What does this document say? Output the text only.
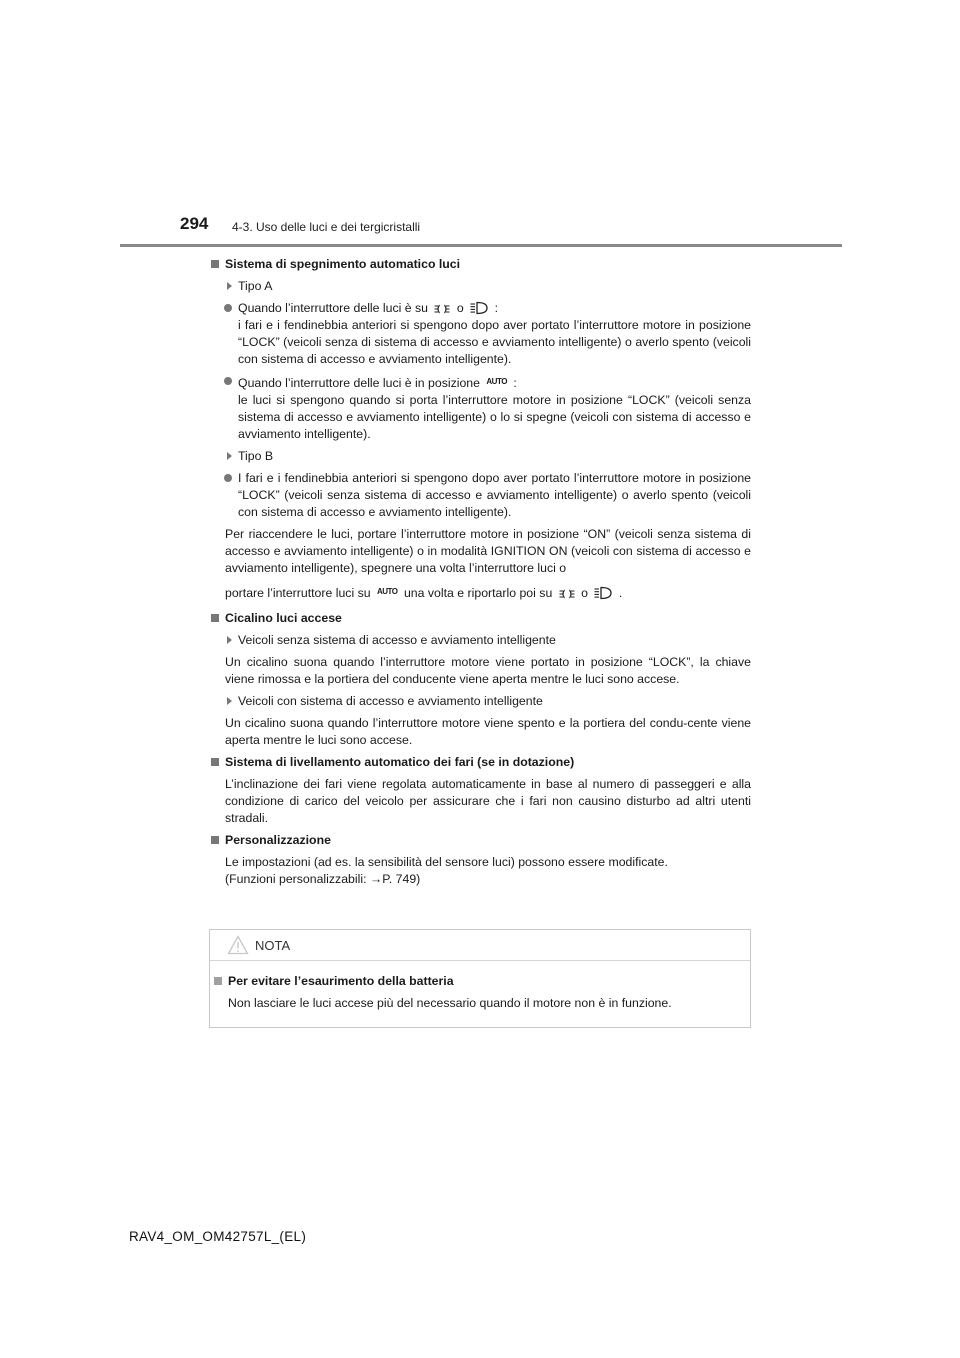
294 4-3. Uso delle luci e dei tergicristalli
Sistema di spegnimento automatico luci
Tipo A
Quando l’interruttore delle luci è su o	:
i fari e i fendinebbia anteriori si spengono dopo aver portato l’interruttore motore in posizione “LOCK” (veicoli senza di sistema di accesso e avviamento intelligente) o averlo spento (veicoli con sistema di accesso e avviamento intelligente).
Quando l’interruttore delle luci è in posizione $^{AUTO}$ :
le luci si spengono quando si porta l’interruttore motore in posizione “LOCK” (veicoli senza sistema di accesso e avviamento intelligente) o lo si spegne (veicoli con sistema di accesso e avviamento intelligente).
Tipo B
I fari e i fendinebbia anteriori si spengono dopo aver portato l’interruttore motore in posizione “LOCK” (veicoli senza sistema di accesso e avviamento intelligente) o averlo spento (veicoli con sistema di accesso e avviamento intelligente).

Per riaccendere le luci, portare l’interruttore motore in posizione “ON” (veicoli senza sistema di accesso e avviamento intelligente) o in modalità IGNITION ON (veicoli con sistema di accesso e avviamento intelligente), spegnere una volta l’interruttore luci o

portare l’interruttore luci su $^{AUTO}$ una volta e riportarlo poi su o	.

Cicalino luci accese
Veicoli senza sistema di accesso e avviamento intelligente

Un cicalino suona quando l’interruttore motore viene portato in posizione “LOCK”, la chiave viene rimossa e la portiera del conducente viene aperta mentre le luci sono accese.

Veicoli con sistema di accesso e avviamento intelligente

Un cicalino suona quando l’interruttore motore viene spento e la portiera del condu-cente viene aperta mentre le luci sono accese.

Sistema di livellamento automatico dei fari (se in dotazione)

L’inclinazione dei fari viene regolata automaticamente in base al numero di passeggeri e alla condizione di carico del veicolo per assicurare che i fari non causino disturbo ad altri utenti stradali.

Personalizzazione

Le impostazioni (ad es. la sensibilità del sensore luci) possono essere modificate.

(Funzioni personalizzabili: →P. 749)

NOTA
Per evitare l’esaurimento della batteria

Non lasciare le luci accese più del necessario quando il motore non è in funzione.

RAV4_OM_OM42757L_(EL)
